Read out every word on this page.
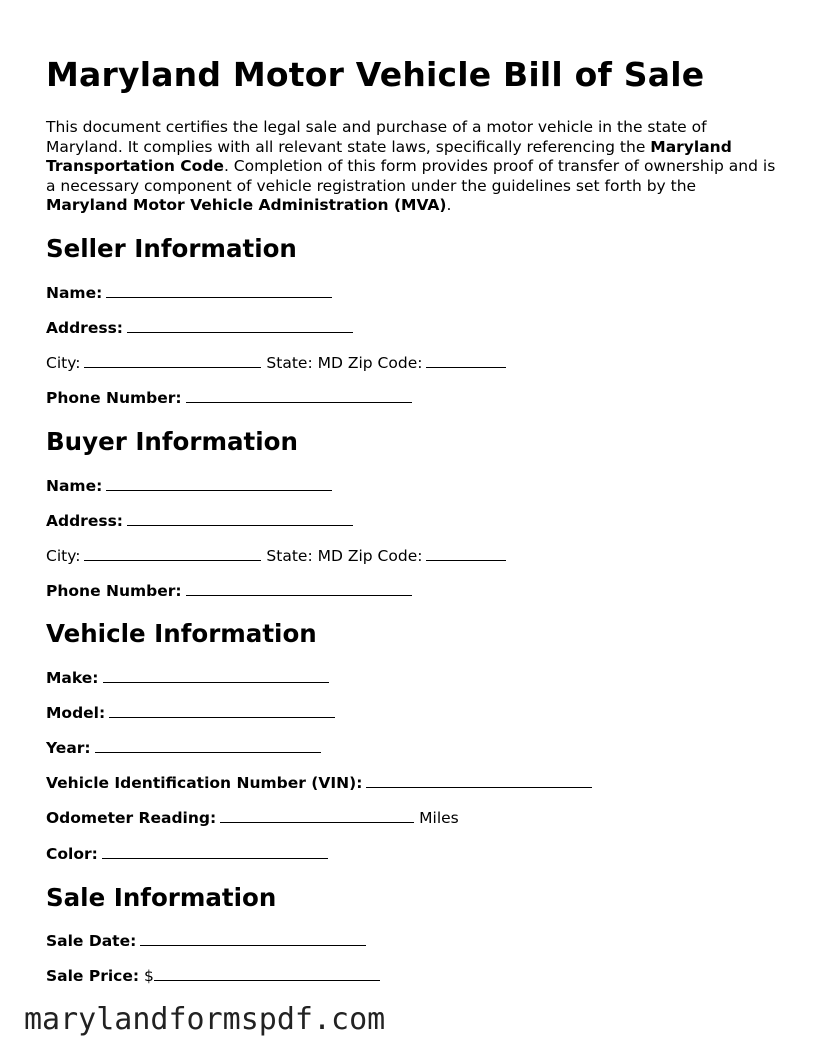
Maryland Motor Vehicle Bill of Sale

This document certifies the legal sale and purchase of a motor vehicle in the state of Maryland. It complies with all relevant state laws, specifically referencing the Maryland Transportation Code. Completion of this form provides proof of transfer of ownership and is a necessary component of vehicle registration under the guidelines set forth by the Maryland Motor Vehicle Administration (MVA).

Seller Information
Name:
Address:
City:	State: MD Zip Code:
Phone Number:
Buyer Information
Name:
Address:
City:	State: MD Zip Code:
Phone Number:
Vehicle Information
Make:
Model:
Year:
Vehicle Identification Number (VIN):
Odometer Reading:	Miles
Color:
Sale Information
Sale Date:
Sale Price: $
marylandformspdf.com
